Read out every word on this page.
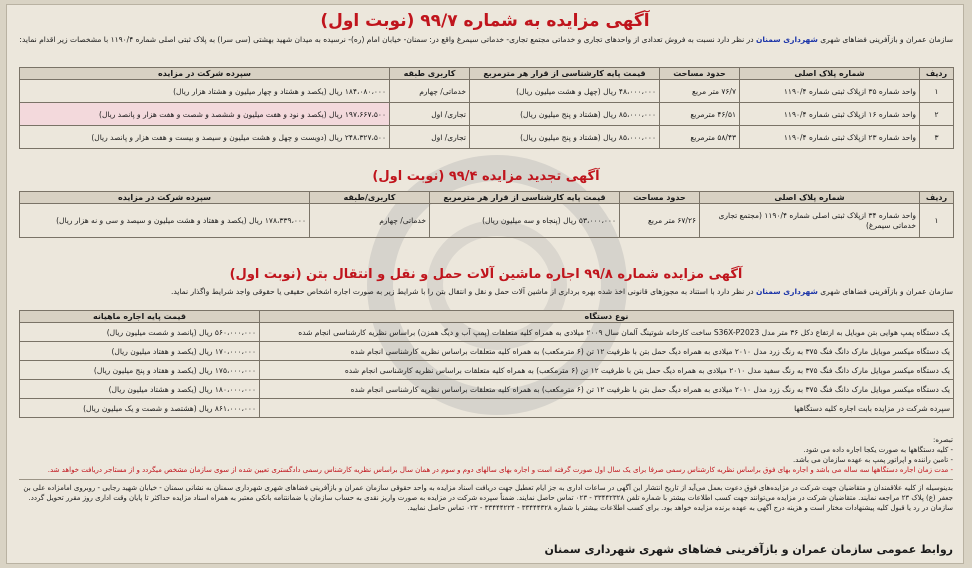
آگهی مزایده به شماره ۹۹/۷ (نوبت اول)
سازمان عمران و بازآفرینی فضاهای شهری شهرداری سمنان در نظر دارد نسبت به فروش تعدادی از واحدهای تجاری و خدماتی مجتمع تجاری- خدماتی سیمرغ واقع در: سمنان- خیابان امام (ره)- نرسیده به میدان شهید بهشتی (سی سرا) به پلاک ثبتی اصلی شماره ۱۱۹۰/۴ با مشخصات زیر اقدام نماید:
ردیف	شماره پلاک اصلی	حدود مساحت	قیمت پایه کارشناسی از قرار هر مترمربع	کاربری طبقه	سپرده شرکت در مزایده
۱	واحد شماره ۳۵ ازپلاک ثبتی شماره ۱۱۹۰/۴	۷۶/۷ متر مربع	۴۸،۰۰۰،۰۰۰ ریال (چهل و هشت میلیون ریال)	خدماتی/ چهارم	۱۸۴،۰۸۰،۰۰۰ ریال (یکصد و هشتاد و چهار میلیون و هشتاد هزار ریال)
۲	واحد شماره ۱۶ ازپلاک ثبتی شماره ۱۱۹۰/۴	۴۶/۵۱ مترمربع	۸۵،۰۰۰،۰۰۰ ریال (هشتاد و پنج میلیون ریال)	تجاری/ اول	۱۹۷،۶۶۷،۵۰۰ ریال (یکصد و نود و هفت میلیون و ششصد و شصت و هفت هزار و پانصد ریال)
۳	واحد شماره ۲۳ ازپلاک ثبتی شماره ۱۱۹۰/۴	۵۸/۴۳ مترمربع	۸۵،۰۰۰،۰۰۰ ریال (هشتاد و پنج میلیون ریال)	تجاری/ اول	۲۴۸،۳۲۷،۵۰۰ ریال (دویست و چهل و هشت میلیون و سیصد و بیست و هفت هزار و پانصد ریال)
آگهی تجدید مزایده ۹۹/۴ (نوبت اول)
ردیف	شماره پلاک اصلی	حدود مساحت	قیمت پایه کارشناسی از قرار هر مترمربع	کاربری/طبقه	سپرده شرکت در مزایده
۱	واحد شماره ۳۴ ازپلاک ثبتی اصلی شماره ۱۱۹۰/۴ (مجتمع تجاری خدماتی سیمرغ)	۶۷/۲۶ متر مربع	۵۳،۰۰۰،۰۰۰ ریال (پنجاه و سه میلیون ریال)	خدماتی/ چهارم	۱۷۸،۳۳۹،۰۰۰ ریال (یکصد و هفتاد و هشت میلیون و سیصد و سی و نه هزار ریال)
آگهی مزایده شماره ۹۹/۸ اجاره ماشین آلات حمل و نقل و انتقال بتن (نوبت اول)
سازمان عمران و بازآفرینی فضاهای شهری شهرداری سمنان در نظر دارد با استناد به مجوزهای قانونی اخذ شده بهره برداری از ماشین آلات حمل و نقل و انتقال بتن را با شرایط زیر به صورت اجاره اشخاص حقیقی یا حقوقی واجد شرایط واگذار نماید.
نوع دستگاه	قیمت پایه اجاره ماهیانه
یک دستگاه پمپ هوایی بتن موبایل به ارتفاع دکل ۳۶ متر مدل S36X-P2023 ساخت کارخانه شوتینگ آلمان سال ۲۰۰۹ میلادی به همراه کلیه متعلقات (پمپ آب و دیگ همزن) براساس نظریه کارشناسی انجام شده	۵۶۰،۰۰۰،۰۰۰ ریال (پانصد و شصت میلیون ریال)
یک دستگاه میکسر موبایل مارک دانگ فنگ ۳۷۵ به رنگ زرد مدل ۲۰۱۰ میلادی به همراه دیگ حمل بتن با ظرفیت ۱۲ تن (۶ مترمکعب) به همراه کلیه متعلقات براساس نظریه کارشناسی انجام شده	۱۷۰،۰۰۰،۰۰۰ ریال (یکصد و هفتاد میلیون ریال)
یک دستگاه میکسر موبایل مارک دانگ فنگ ۳۷۵ به رنگ سفید مدل ۲۰۱۰ میلادی به همراه دیگ حمل بتن با ظرفیت ۱۲ تن (۶ مترمکعب) به همراه کلیه متعلقات براساس نظریه کارشناسی انجام شده	۱۷۵،۰۰۰،۰۰۰ ریال (یکصد و هفتاد و پنج میلیون ریال)
یک دستگاه میکسر موبایل مارک دانگ فنگ ۳۷۵ به رنگ زرد مدل ۲۰۱۰ میلادی به همراه دیگ حمل بتن با ظرفیت ۱۲ تن (۶ مترمکعب) به همراه کلیه متعلقات براساس نظریه کارشناسی انجام شده	۱۸۰،۰۰۰،۰۰۰ ریال (یکصد و هشتاد میلیون ریال)
سپرده شرکت در مزایده بابت اجاره کلیه دستگاهها	۸۶۱،۰۰۰،۰۰۰ ریال (هشتصد و شصت و یک میلیون ریال)
تبصره:
- کلیه دستگاهها به صورت یکجا اجاره داده می شود.
- تامین راننده و اپراتور پمپ به عهده سازمان می باشد.
- مدت زمان اجاره دستگاهها سه ساله می باشد و اجاره بهای فوق براساس نظریه کارشناس رسمی صرفا برای یک سال اول صورت گرفته است و اجاره بهای سالهای دوم و سوم در همان سال براساس نظریه کارشناس رسمی دادگستری تعیین شده از سوی سازمان مشخص میگردد و از مستاجر دریافت خواهد شد.
بدینوسیله از کلیه علاقمندان و متقاضیان جهت شرکت در مزایده‌های فوق دعوت بعمل می‌آید از تاریخ انتشار این آگهی در ساعات اداری به جز ایام تعطیل جهت دریافت اسناد مزایده به واحد حقوقی سازمان عمران و بازآفرینی فضاهای شهری شهرداری سمنان به نشانی سمنان - خیابان شهید رجایی - روبروی امامزاده علی بن جعفر (ع) پلاک ۲۳ مراجعه نمایند. متقاضیان شرکت در مزایده می‌توانند جهت کسب اطلاعات بیشتر با شماره تلفن ۳۳۴۴۲۳۲۸ - ۰۲۳ تماس حاصل نمایند. ضمناً سپرده شرکت در مزایده به صورت واریز نقدی به حساب سازمان یا ضمانتنامه بانکی معتبر به همراه اسناد مزایده حداکثر تا پایان وقت اداری روز مقرر تحویل گردد. سازمان در رد یا قبول کلیه پیشنهادات مختار است و هزینه درج آگهی به عهده برنده مزایده خواهد بود. برای کسب اطلاعات بیشتر با شماره ۳۳۴۴۴۳۲۸ - ۳۳۴۴۴۲۲۴ - ۰۲۳ تماس حاصل نمایید.
روابط عمومی سازمان عمران و بازآفرینی فضاهای شهری شهرداری سمنان
